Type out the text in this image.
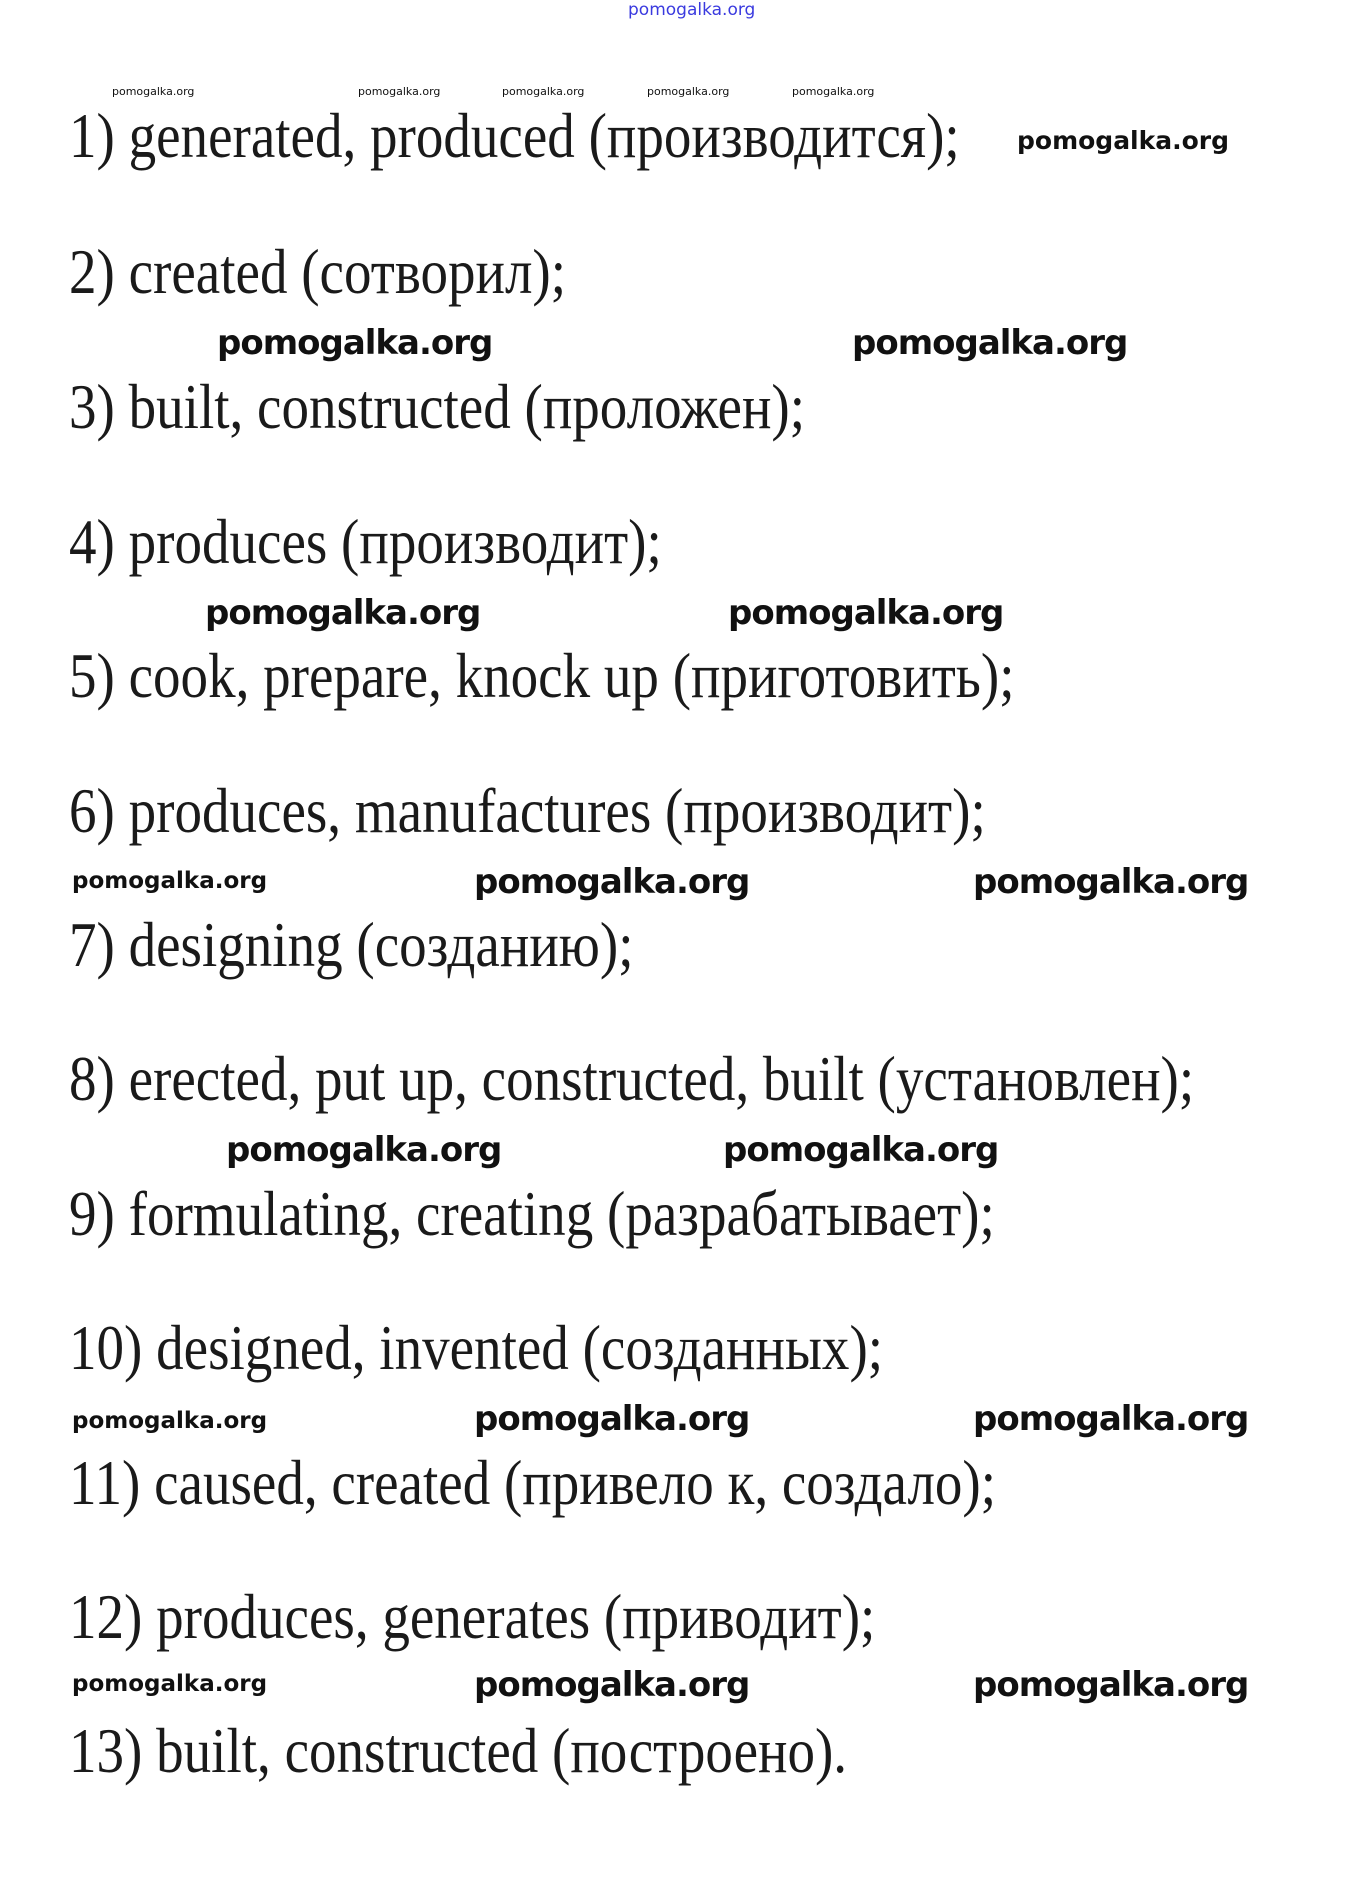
1) generated, produced (производится);
2) created (сотворил);
3) built, constructed (проложен);
4) produces (производит);
5) cook, prepare, knock up (приготовить);
6) produces, manufactures (производит);
7) designing (созданию);
8) erected, put up, constructed, built (установлен);
9) formulating, creating (разрабатывает);
10) designed, invented (созданных);
11) caused, created (привело к, создало);
12) produces, generates (приводит);
13) built, constructed (построено).
pomogalka.org
pomogalka.org	pomogalka.org	pomogalka.org	pomogalka.org	pomogalka.org
pomogalka.org
pomogalka.org	pomogalka.org
pomogalka.org	pomogalka.org
pomogalka.org	pomogalka.org	pomogalka.org
pomogalka.org	pomogalka.org
pomogalka.org	pomogalka.org
pomogalka.org
pomogalka.org	pomogalka.org	pomogalka.org
